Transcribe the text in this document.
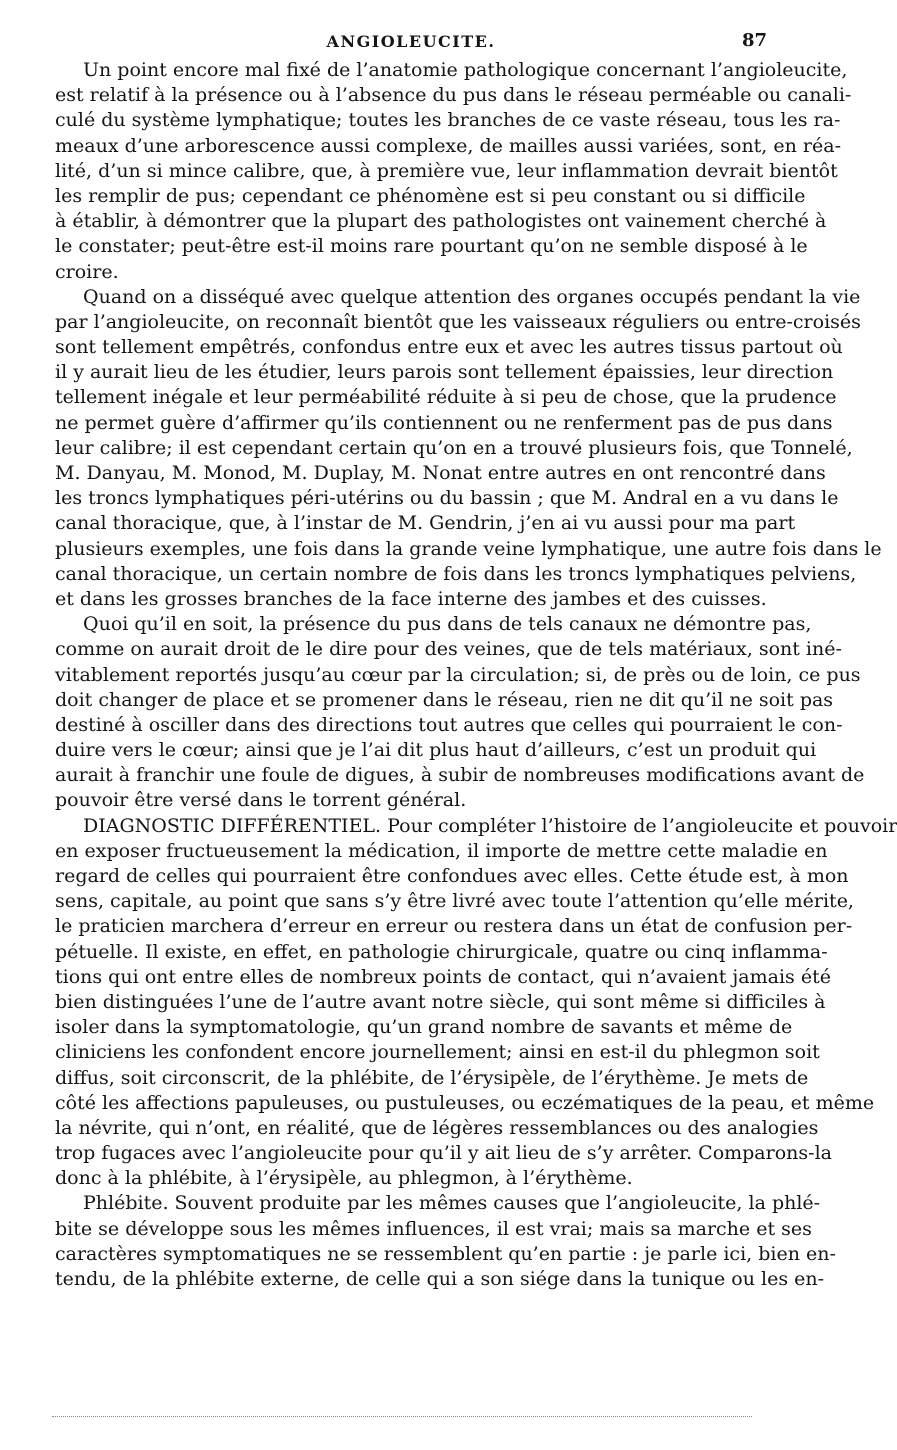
ANGIOLEUCITE.	87
Un point encore mal fixé de l’anatomie pathologique concernant l’angioleucite,
est relatif à la présence ou à l’absence du pus dans le réseau perméable ou canali-
culé du système lymphatique; toutes les branches de ce vaste réseau, tous les ra-
meaux d’une arborescence aussi complexe, de mailles aussi variées, sont, en réa-
lité, d’un si mince calibre, que, à première vue, leur inflammation devrait bientôt
les remplir de pus; cependant ce phénomène est si peu constant ou si difficile
à établir, à démontrer que la plupart des pathologistes ont vainement cherché à
le constater; peut-être est-il moins rare pourtant qu’on ne semble disposé à le
croire.
Quand on a disséqué avec quelque attention des organes occupés pendant la vie
par l’angioleucite, on reconnaît bientôt que les vaisseaux réguliers ou entre-croisés
sont tellement empêtrés, confondus entre eux et avec les autres tissus partout où
il y aurait lieu de les étudier, leurs parois sont tellement épaissies, leur direction
tellement inégale et leur perméabilité réduite à si peu de chose, que la prudence
ne permet guère d’affirmer qu’ils contiennent ou ne renferment pas de pus dans
leur calibre; il est cependant certain qu’on en a trouvé plusieurs fois, que Tonnelé,
M. Danyau, M. Monod, M. Duplay, M. Nonat entre autres en ont rencontré dans
les troncs lymphatiques péri-utérins ou du bassin ; que M. Andral en a vu dans le
canal thoracique, que, à l’instar de M. Gendrin, j’en ai vu aussi pour ma part
plusieurs exemples, une fois dans la grande veine lymphatique, une autre fois dans le
canal thoracique, un certain nombre de fois dans les troncs lymphatiques pelviens,
et dans les grosses branches de la face interne des jambes et des cuisses.
Quoi qu’il en soit, la présence du pus dans de tels canaux ne démontre pas,
comme on aurait droit de le dire pour des veines, que de tels matériaux, sont iné-
vitablement reportés jusqu’au cœur par la circulation; si, de près ou de loin, ce pus
doit changer de place et se promener dans le réseau, rien ne dit qu’il ne soit pas
destiné à osciller dans des directions tout autres que celles qui pourraient le con-
duire vers le cœur; ainsi que je l’ai dit plus haut d’ailleurs, c’est un produit qui
aurait à franchir une foule de digues, à subir de nombreuses modifications avant de
pouvoir être versé dans le torrent général.
DIAGNOSTIC DIFFÉRENTIEL. Pour compléter l’histoire de l’angioleucite et pouvoir
en exposer fructueusement la médication, il importe de mettre cette maladie en
regard de celles qui pourraient être confondues avec elles. Cette étude est, à mon
sens, capitale, au point que sans s’y être livré avec toute l’attention qu’elle mérite,
le praticien marchera d’erreur en erreur ou restera dans un état de confusion per-
pétuelle. Il existe, en effet, en pathologie chirurgicale, quatre ou cinq inflamma-
tions qui ont entre elles de nombreux points de contact, qui n’avaient jamais été
bien distinguées l’une de l’autre avant notre siècle, qui sont même si difficiles à
isoler dans la symptomatologie, qu’un grand nombre de savants et même de
cliniciens les confondent encore journellement; ainsi en est-il du phlegmon soit
diffus, soit circonscrit, de la phlébite, de l’érysipèle, de l’érythème. Je mets de
côté les affections papuleuses, ou pustuleuses, ou eczématiques de la peau, et même
la névrite, qui n’ont, en réalité, que de légères ressemblances ou des analogies
trop fugaces avec l’angioleucite pour qu’il y ait lieu de s’y arrêter. Comparons-la
donc à la phlébite, à l’érysipèle, au phlegmon, à l’érythème.
Phlébite. Souvent produite par les mêmes causes que l’angioleucite, la phlé-
bite se développe sous les mêmes influences, il est vrai; mais sa marche et ses
caractères symptomatiques ne se ressemblent qu’en partie : je parle ici, bien en-
tendu, de la phlébite externe, de celle qui a son siége dans la tunique ou les en-
